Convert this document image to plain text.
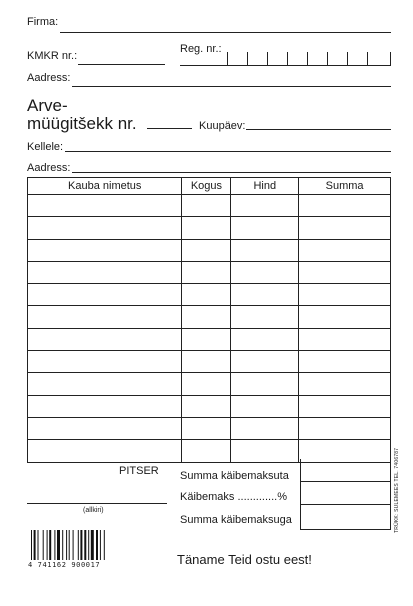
Firma:
KMKR nr.:
Reg. nr.:
Aadress:
Arve-
müügitšekk nr.	Kuupäev:
Kellele:
Aadress:
Kauba nimetus	Kogus	Hind	Summa

PITSER
(allkiri)
Summa käibemaksuta
Käibemaks .............%
Summa käibemaksuga
4 741162 900017	Täname Teid ostu eest!
TRÜKK: SULEMEES TEL. 7406787
